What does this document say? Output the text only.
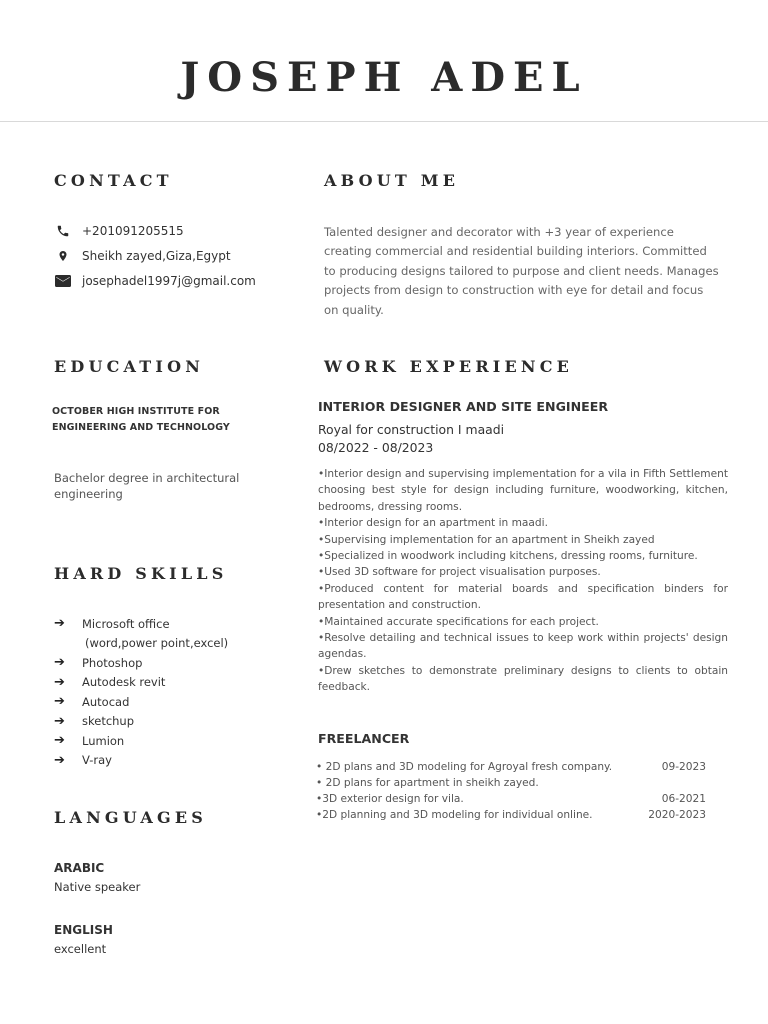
JOSEPH ADEL
CONTACT
+201091205515
Sheikh zayed,Giza,Egypt
josephadel1997j@gmail.com
EDUCATION
OCTOBER HIGH INSTITUTE FOR
ENGINEERING AND TECHNOLOGY
Bachelor degree in architectural
engineering
HARD SKILLS
➔	Microsoft office
(word,power point,excel)
➔	Photoshop
➔	Autodesk revit
➔	Autocad
➔	sketchup
➔	Lumion
➔	V-ray
LANGUAGES
ARABIC
Native speaker
ENGLISH
excellent
ABOUT ME
Talented designer and decorator with +3 year of experience creating commercial and residential building interiors. Committed to producing designs tailored to purpose and client needs. Manages projects from design to construction with eye for detail and focus on quality.
WORK EXPERIENCE
INTERIOR DESIGNER AND SITE ENGINEER
Royal for construction I maadi
08/2022 - 08/2023
•Interior design and supervising implementation for a vila in Fifth Settlement choosing best style for design including furniture, woodworking, kitchen, bedrooms, dressing rooms.
•Interior design for an apartment in maadi.
•Supervising implementation for an apartment in Sheikh zayed
•Specialized in woodwork including kitchens, dressing rooms, furniture.
•Used 3D software for project visualisation purposes.
•Produced content for material boards and specification binders for presentation and construction.
•Maintained accurate specifications for each project.
•Resolve detailing and technical issues to keep work within projects' design agendas.
•Drew sketches to demonstrate preliminary designs to clients to obtain feedback.
FREELANCER
• 2D plans and 3D modeling for Agroyal fresh company.	09-2023
• 2D plans for apartment in sheikh zayed.
•3D exterior design for vila.	06-2021
•2D planning and 3D modeling for individual online.	2020-2023
